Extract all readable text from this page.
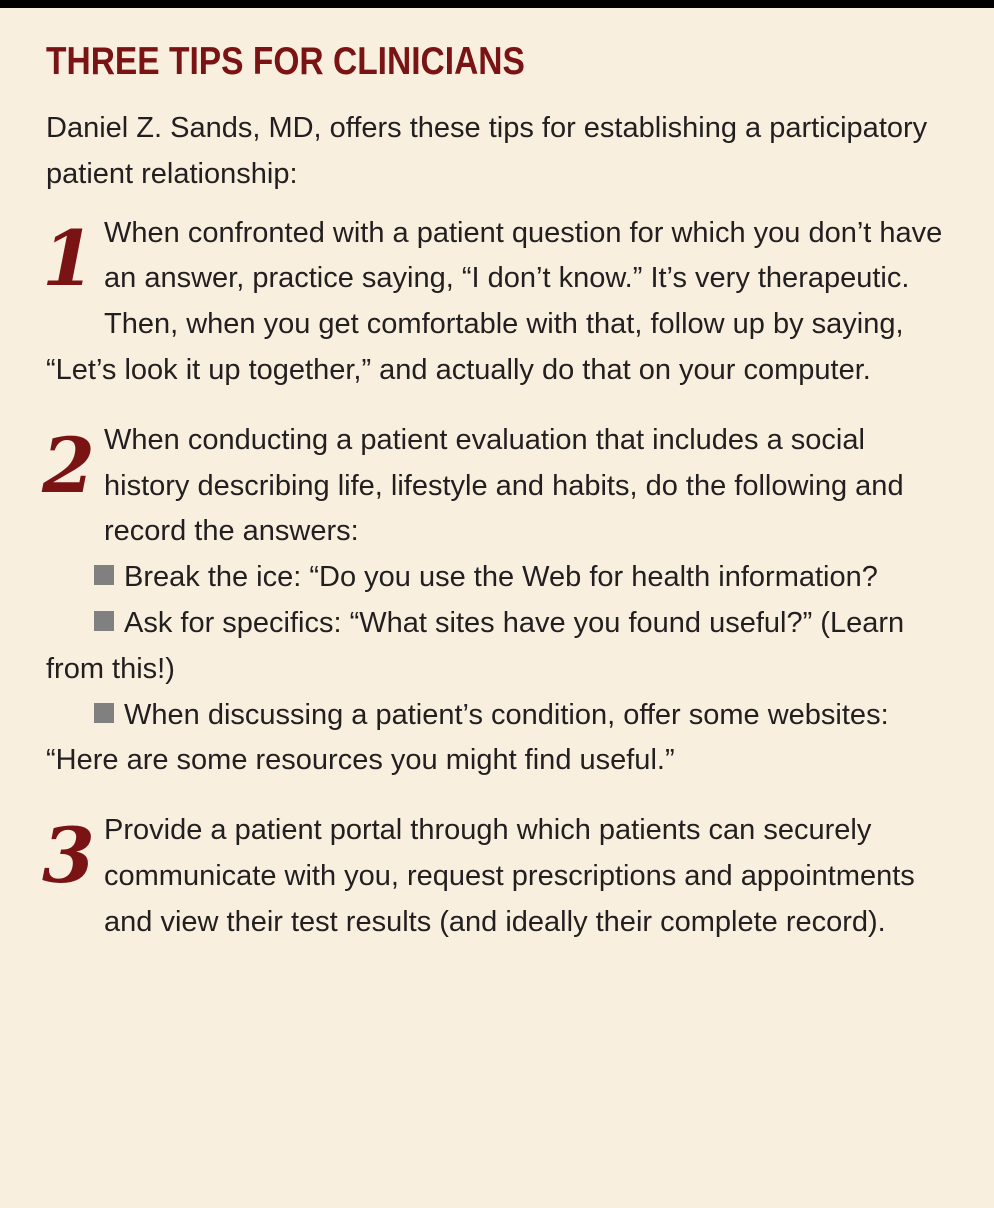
THREE TIPS FOR CLINICIANS
Daniel Z. Sands, MD, offers these tips for establishing a participatory patient relationship:
1 When confronted with a patient question for which you don’t have an answer, practice saying, “I don’t know.” It’s very therapeutic. Then, when you get comfortable with that, follow up by saying, “Let’s look it up together,” and actually do that on your computer.
2 When conducting a patient evaluation that includes a social history describing life, lifestyle and habits, do the following and record the answers:
Break the ice: “Do you use the Web for health information?
Ask for specifics: “What sites have you found useful?” (Learn from this!)
When discussing a patient’s condition, offer some websites: “Here are some resources you might find useful.”
3 Provide a patient portal through which patients can securely communicate with you, request prescriptions and appointments and view their test results (and ideally their complete record).
